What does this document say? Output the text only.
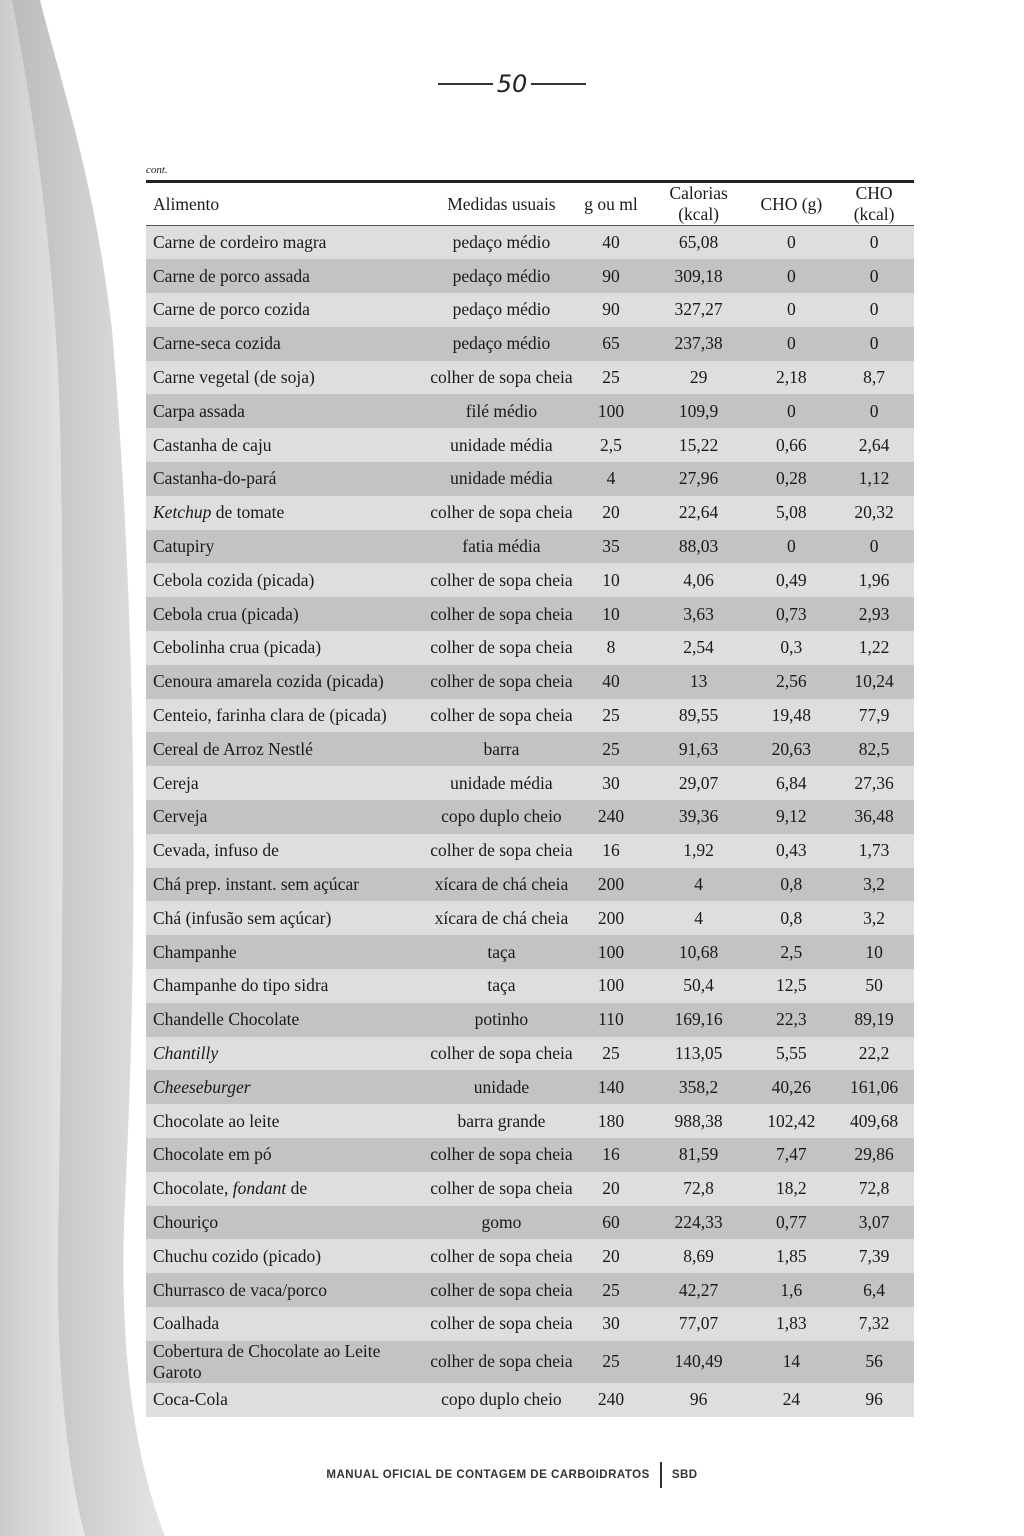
50
cont.
Alimento	Medidas usuais	g ou ml	Calorias (kcal)	CHO (g)	CHO (kcal)
Carne de cordeiro magra	pedaço médio	40	65,08	0	0
Carne de porco assada	pedaço médio	90	309,18	0	0
Carne de porco cozida	pedaço médio	90	327,27	0	0
Carne-seca cozida	pedaço médio	65	237,38	0	0
Carne vegetal (de soja)	colher de sopa cheia	25	29	2,18	8,7
Carpa assada	filé médio	100	109,9	0	0
Castanha de caju	unidade média	2,5	15,22	0,66	2,64
Castanha-do-pará	unidade média	4	27,96	0,28	1,12
Ketchup de tomate	colher de sopa cheia	20	22,64	5,08	20,32
Catupiry	fatia média	35	88,03	0	0
Cebola cozida (picada)	colher de sopa cheia	10	4,06	0,49	1,96
Cebola crua (picada)	colher de sopa cheia	10	3,63	0,73	2,93
Cebolinha crua (picada)	colher de sopa cheia	8	2,54	0,3	1,22
Cenoura amarela cozida (picada)	colher de sopa cheia	40	13	2,56	10,24
Centeio, farinha clara de (picada)	colher de sopa cheia	25	89,55	19,48	77,9
Cereal de Arroz Nestlé	barra	25	91,63	20,63	82,5
Cereja	unidade média	30	29,07	6,84	27,36
Cerveja	copo duplo cheio	240	39,36	9,12	36,48
Cevada, infuso de	colher de sopa cheia	16	1,92	0,43	1,73
Chá prep. instant. sem açúcar	xícara de chá cheia	200	4	0,8	3,2
Chá (infusão sem açúcar)	xícara de chá cheia	200	4	0,8	3,2
Champanhe	taça	100	10,68	2,5	10
Champanhe do tipo sidra	taça	100	50,4	12,5	50
Chandelle Chocolate	potinho	110	169,16	22,3	89,19
Chantilly	colher de sopa cheia	25	113,05	5,55	22,2
Cheeseburger	unidade	140	358,2	40,26	161,06
Chocolate ao leite	barra grande	180	988,38	102,42	409,68
Chocolate em pó	colher de sopa cheia	16	81,59	7,47	29,86
Chocolate, fondant de	colher de sopa cheia	20	72,8	18,2	72,8
Chouriço	gomo	60	224,33	0,77	3,07
Chuchu cozido (picado)	colher de sopa cheia	20	8,69	1,85	7,39
Churrasco de vaca/porco	colher de sopa cheia	25	42,27	1,6	6,4
Coalhada	colher de sopa cheia	30	77,07	1,83	7,32
Cobertura de Chocolate ao Leite Garoto	colher de sopa cheia	25	140,49	14	56
Coca-Cola	copo duplo cheio	240	96	24	96
MANUAL OFICIAL DE CONTAGEM DE CARBOIDRATOS SBD
